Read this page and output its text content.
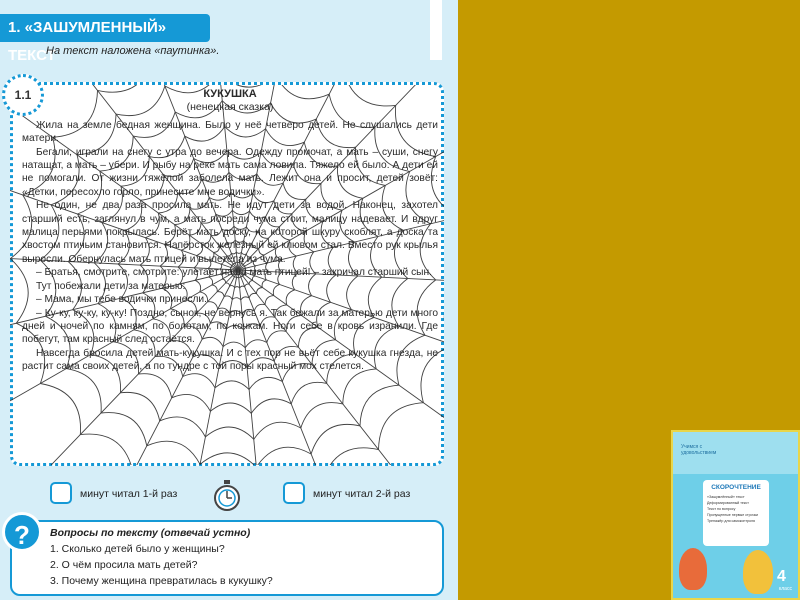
1. «ЗАШУМЛЕННЫЙ» ТЕКСТ
На текст наложена «паутинка».
КУКУШКА
(ненецкая сказка)

Жила на земле бедная женщина. Было у неё четверо детей. Не слушались дети матери.

Бегали, играли на снегу с утра до вечера. Одежду промочат, а мать – суши, снегу натащат, а мать – убери. И рыбу на реке мать сама ловила. Тяжело ей было. А дети ей не помогали. От жизни тяжёлой заболела мать. Лежит она и просит, детей зовёт: «Детки, пересохло горло, принесите мне водички».

Не один, не два раза просила мать. Не идут дети за водой. Наконец, захотел старший есть, заглянул в чум, а мать посреди чума стоит, малицу надевает. И вдруг малица перьями покрылась. Берёт мать доску, на которой шкуру скоблят, а доска та хвостом птичьим становится. Напёрсток железный ей клювом стал. Вместо рук крылья выросли. Обернулась мать птицей и вылетела из чума.

– Братья, смотрите, смотрите: улетает наша мать птицей! – закричал старший сын.

Тут побежали дети за матерью:

– Мама, мы тебе водички принесли.

– Ку-ку, ку-ку, ку-ку! Поздно, сынок, не вернусь я. Так бежали за матерью дети много дней и ночей по камням, по болотам, по кочкам. Ноги себе в кровь изранили. Где побегут, там красный след остаётся.

Навсегда бросила детей мать-кукушка. И с тех пор не вьёт себе кукушка гнезда, не растит сама своих детей, а по тундре с той поры красный мох стелется.

1.1
минут читал 1-й раз	минут читал 2-й раз
?	Вопросы по тексту (отвечай устно)
1. Сколько детей было у женщины?
2. О чём просила мать детей?
3. Почему женщина превратилась в кукушку?
Учимся с удовольствием
СКОРОЧТЕНИЕ
«Зашумлённый» текст
Деформированный текст
Текст по вопросу
Пропущенные первые строчки
Тренажёр для самоконтроля
4
класс
